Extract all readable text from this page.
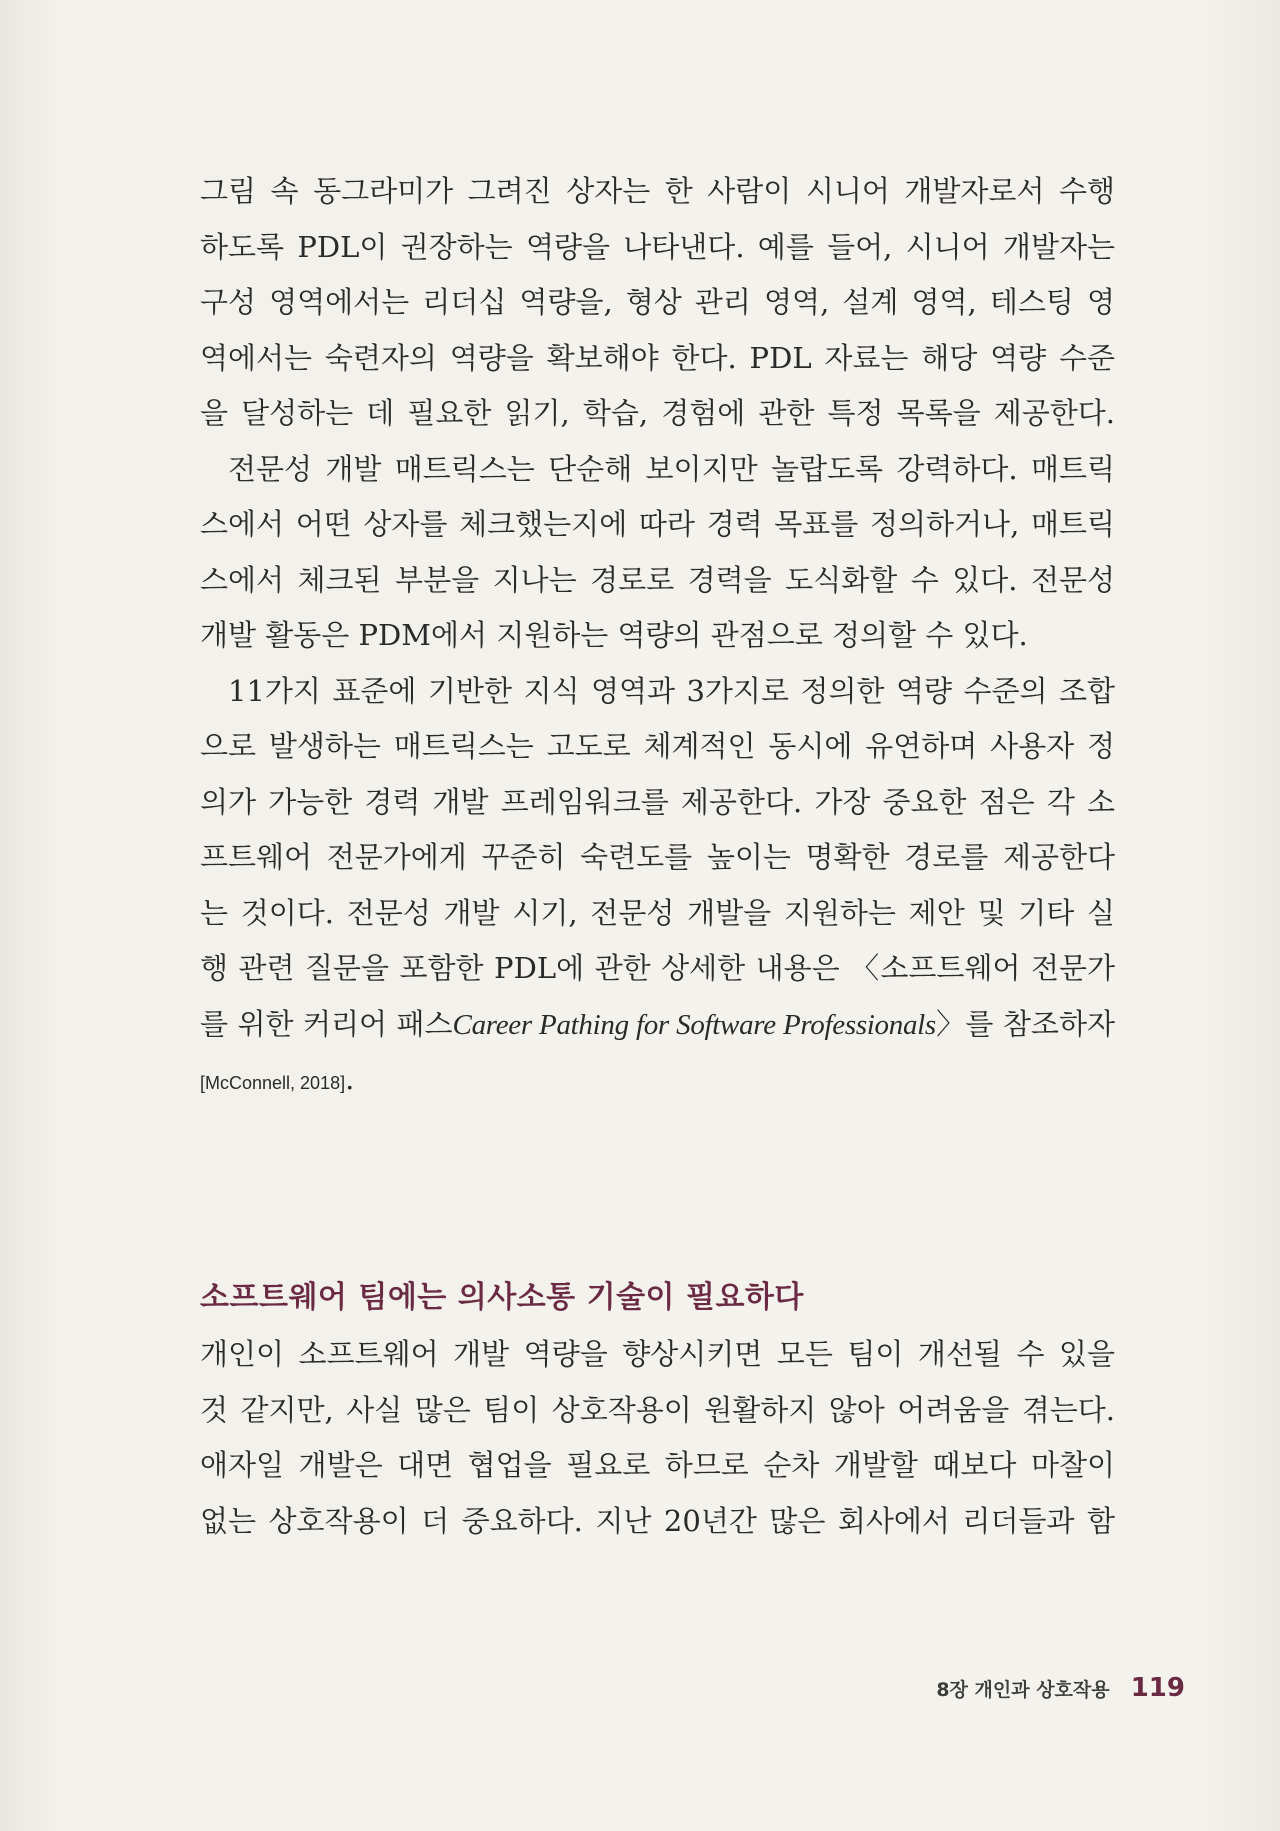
그림 속 동그라미가 그려진 상자는 한 사람이 시니어 개발자로서 수행
하도록 PDL이 권장하는 역량을 나타낸다. 예를 들어, 시니어 개발자는
구성 영역에서는 리더십 역량을, 형상 관리 영역, 설계 영역, 테스팅 영
역에서는 숙련자의 역량을 확보해야 한다. PDL 자료는 해당 역량 수준
을 달성하는 데 필요한 읽기, 학습, 경험에 관한 특정 목록을 제공한다.
전문성 개발 매트릭스는 단순해 보이지만 놀랍도록 강력하다. 매트릭
스에서 어떤 상자를 체크했는지에 따라 경력 목표를 정의하거나, 매트릭
스에서 체크된 부분을 지나는 경로로 경력을 도식화할 수 있다. 전문성
개발 활동은 PDM에서 지원하는 역량의 관점으로 정의할 수 있다.
11가지 표준에 기반한 지식 영역과 3가지로 정의한 역량 수준의 조합
으로 발생하는 매트릭스는 고도로 체계적인 동시에 유연하며 사용자 정
의가 가능한 경력 개발 프레임워크를 제공한다. 가장 중요한 점은 각 소
프트웨어 전문가에게 꾸준히 숙련도를 높이는 명확한 경로를 제공한다
는 것이다. 전문성 개발 시기, 전문성 개발을 지원하는 제안 및 기타 실
행 관련 질문을 포함한 PDL에 관한 상세한 내용은 〈소프트웨어 전문가
를 위한 커리어 패스Career Pathing for Software Professionals〉를 참조하자
[McConnell, 2018].
소프트웨어 팀에는 의사소통 기술이 필요하다
개인이 소프트웨어 개발 역량을 향상시키면 모든 팀이 개선될 수 있을
것 같지만, 사실 많은 팀이 상호작용이 원활하지 않아 어려움을 겪는다.
애자일 개발은 대면 협업을 필요로 하므로 순차 개발할 때보다 마찰이
없는 상호작용이 더 중요하다. 지난 20년간 많은 회사에서 리더들과 함
8장 개인과 상호작용 119
